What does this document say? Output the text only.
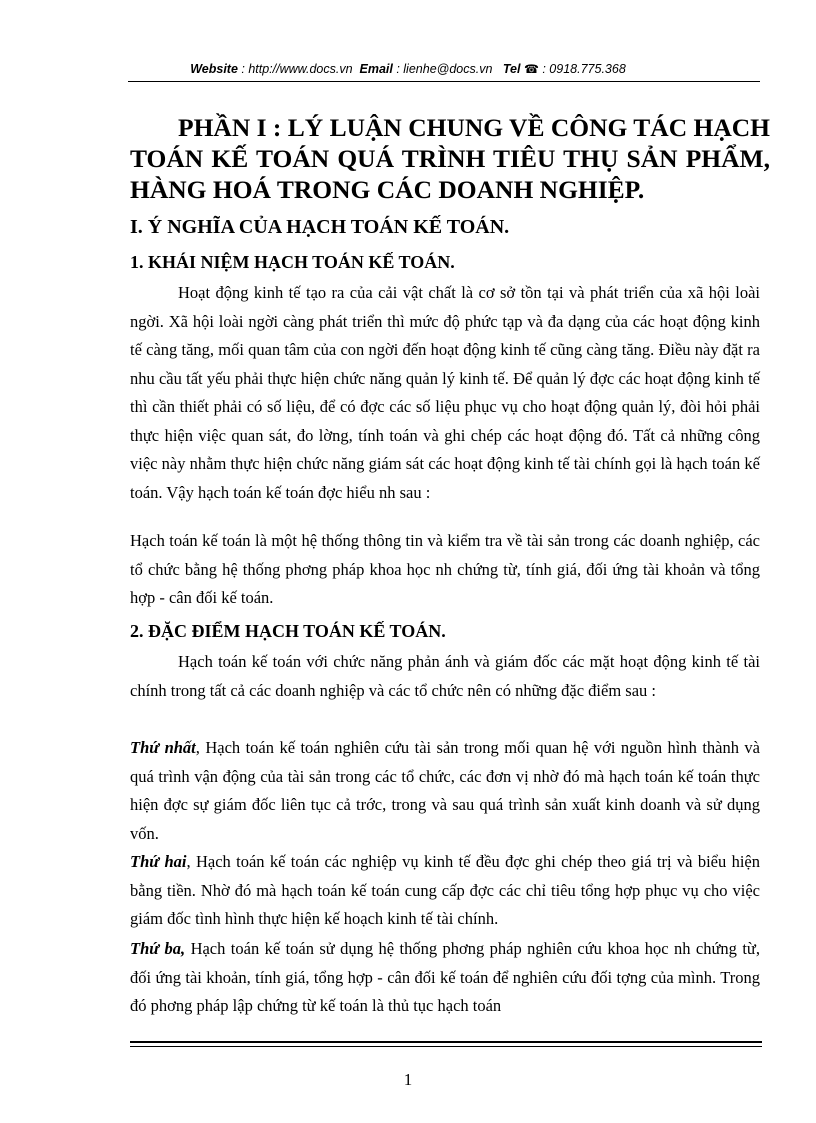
Website : http://www.docs.vn Email : lienhe@docs.vn Tel ☎ : 0918.775.368
PHẦN I : LÝ LUẬN CHUNG VỀ CÔNG TÁC HẠCH TOÁN KẾ TOÁN QUÁ TRÌNH TIÊU THỤ SẢN PHẨM, HÀNG HOÁ TRONG CÁC DOANH NGHIỆP.
I. Ý NGHĨA CỦA HẠCH TOÁN KẾ TOÁN.
1. KHÁI NIỆM HẠCH TOÁN KẾ TOÁN.
Hoạt động kinh tế tạo ra của cải vật chất là cơ sở tồn tại và phát triển của xã hội loài ngời. Xã hội loài ngời càng phát triển thì mức độ phức tạp và đa dạng của các hoạt động kinh tế càng tăng, mối quan tâm của con ngời đến hoạt động kinh tế cũng càng tăng. Điều này đặt ra nhu cầu tất yếu phải thực hiện chức năng quản lý kinh tế. Để quản lý đợc các hoạt động kinh tế thì cần thiết phải có số liệu, để có đợc các số liệu phục vụ cho hoạt động quản lý, đòi hỏi phải thực hiện việc quan sát, đo lờng, tính toán và ghi chép các hoạt động đó. Tất cả những công việc này nhằm thực hiện chức năng giám sát các hoạt động kinh tế tài chính gọi là hạch toán kế toán. Vậy hạch toán kế toán đợc hiểu nh sau :
Hạch toán kế toán là một hệ thống thông tin và kiểm tra về tài sản trong các doanh nghiệp, các tổ chức bằng hệ thống phơng pháp khoa học nh chứng từ, tính giá, đối ứng tài khoản và tổng hợp - cân đối kế toán.
2. ĐẶC ĐIỂM HẠCH TOÁN KẾ TOÁN.
Hạch toán kế toán với chức năng phản ánh và giám đốc các mặt hoạt động kinh tế tài chính trong tất cả các doanh nghiệp và các tổ chức nên có những đặc điểm sau :
Thứ nhất, Hạch toán kế toán nghiên cứu tài sản trong mối quan hệ với nguồn hình thành và quá trình vận động của tài sản trong các tổ chức, các đơn vị nhờ đó mà hạch toán kế toán thực hiện đợc sự giám đốc liên tục cả trớc, trong và sau quá trình sản xuất kinh doanh và sử dụng vốn.
Thứ hai, Hạch toán kế toán các nghiệp vụ kinh tế đều đợc ghi chép theo giá trị và biểu hiện bằng tiền. Nhờ đó mà hạch toán kế toán cung cấp đợc các chỉ tiêu tổng hợp phục vụ cho việc giám đốc tình hình thực hiện kế hoạch kinh tế tài chính.
Thứ ba, Hạch toán kế toán sử dụng hệ thống phơng pháp nghiên cứu khoa học nh chứng từ, đối ứng tài khoản, tính giá, tổng hợp - cân đối kế toán để nghiên cứu đối tợng của mình. Trong đó phơng pháp lập chứng từ kế toán là thủ tục hạch toán
1
